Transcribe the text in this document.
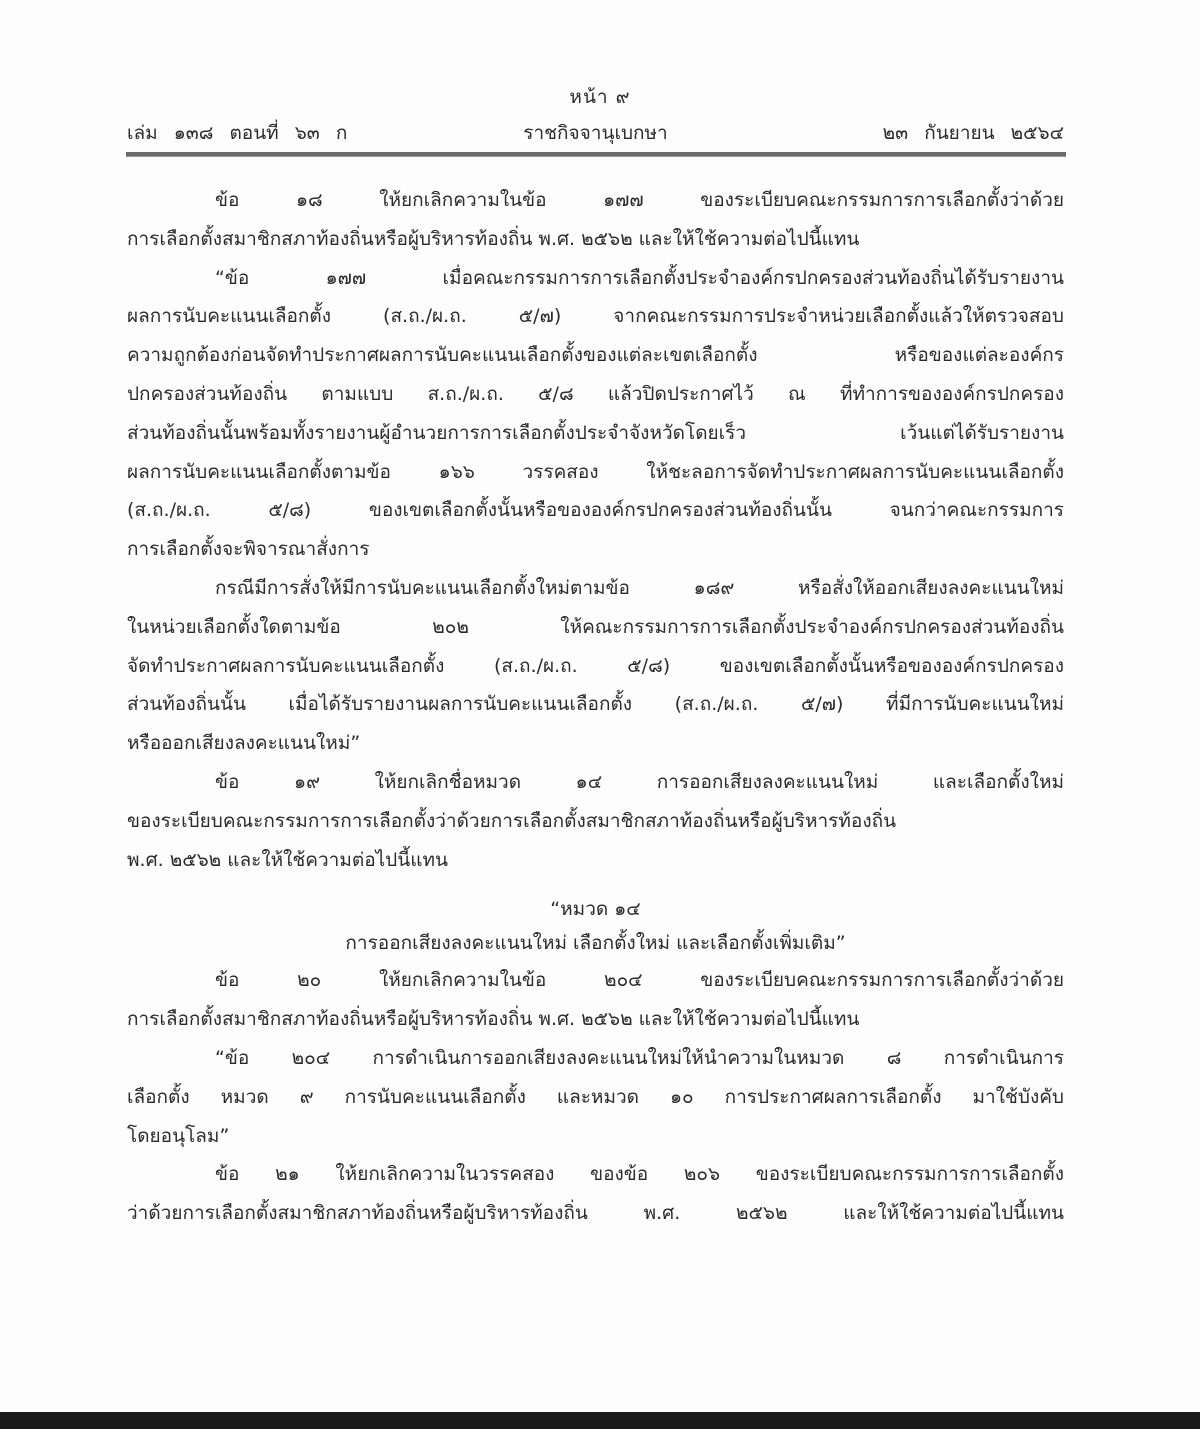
หน้า ๙
ราชกิจจานุเบกษา
เล่ม ๑๓๘ ตอนที่ ๖๓ ก	๒๓ กันยายน ๒๕๖๔
ข้อ ๑๘ ให้ยกเลิกความในข้อ ๑๗๗ ของระเบียบคณะกรรมการการเลือกตั้งว่าด้วย
การเลือกตั้งสมาชิกสภาท้องถิ่นหรือผู้บริหารท้องถิ่น พ.ศ. ๒๕๖๒ และให้ใช้ความต่อไปนี้แทน
“ข้อ ๑๗๗ เมื่อคณะกรรมการการเลือกตั้งประจำองค์กรปกครองส่วนท้องถิ่นได้รับรายงาน
ผลการนับคะแนนเลือกตั้ง (ส.ถ./ผ.ถ. ๕/๗) จากคณะกรรมการประจำหน่วยเลือกตั้งแล้วให้ตรวจสอบ
ความถูกต้องก่อนจัดทำประกาศผลการนับคะแนนเลือกตั้งของแต่ละเขตเลือกตั้ง หรือของแต่ละองค์กร
ปกครองส่วนท้องถิ่น ตามแบบ ส.ถ./ผ.ถ. ๕/๘ แล้วปิดประกาศไว้ ณ ที่ทำการขององค์กรปกครอง
ส่วนท้องถิ่นนั้นพร้อมทั้งรายงานผู้อำนวยการการเลือกตั้งประจำจังหวัดโดยเร็ว เว้นแต่ได้รับรายงาน
ผลการนับคะแนนเลือกตั้งตามข้อ ๑๖๖ วรรคสอง ให้ชะลอการจัดทำประกาศผลการนับคะแนนเลือกตั้ง
(ส.ถ./ผ.ถ. ๕/๘) ของเขตเลือกตั้งนั้นหรือขององค์กรปกครองส่วนท้องถิ่นนั้น จนกว่าคณะกรรมการ
การเลือกตั้งจะพิจารณาสั่งการ
กรณีมีการสั่งให้มีการนับคะแนนเลือกตั้งใหม่ตามข้อ ๑๘๙ หรือสั่งให้ออกเสียงลงคะแนนใหม่
ในหน่วยเลือกตั้งใดตามข้อ ๒๐๒ ให้คณะกรรมการการเลือกตั้งประจำองค์กรปกครองส่วนท้องถิ่น
จัดทำประกาศผลการนับคะแนนเลือกตั้ง (ส.ถ./ผ.ถ. ๕/๘) ของเขตเลือกตั้งนั้นหรือขององค์กรปกครอง
ส่วนท้องถิ่นนั้น เมื่อได้รับรายงานผลการนับคะแนนเลือกตั้ง (ส.ถ./ผ.ถ. ๕/๗) ที่มีการนับคะแนนใหม่
หรือออกเสียงลงคะแนนใหม่”
ข้อ ๑๙ ให้ยกเลิกชื่อหมวด ๑๔ การออกเสียงลงคะแนนใหม่ และเลือกตั้งใหม่
ของระเบียบคณะกรรมการการเลือกตั้งว่าด้วยการเลือกตั้งสมาชิกสภาท้องถิ่นหรือผู้บริหารท้องถิ่น
พ.ศ. ๒๕๖๒ และให้ใช้ความต่อไปนี้แทน
“หมวด ๑๔
การออกเสียงลงคะแนนใหม่ เลือกตั้งใหม่ และเลือกตั้งเพิ่มเติม”
ข้อ ๒๐ ให้ยกเลิกความในข้อ ๒๐๔ ของระเบียบคณะกรรมการการเลือกตั้งว่าด้วย
การเลือกตั้งสมาชิกสภาท้องถิ่นหรือผู้บริหารท้องถิ่น พ.ศ. ๒๕๖๒ และให้ใช้ความต่อไปนี้แทน
“ข้อ ๒๐๔ การดำเนินการออกเสียงลงคะแนนใหม่ให้นำความในหมวด ๘ การดำเนินการ
เลือกตั้ง หมวด ๙ การนับคะแนนเลือกตั้ง และหมวด ๑๐ การประกาศผลการเลือกตั้ง มาใช้บังคับ
โดยอนุโลม”
ข้อ ๒๑ ให้ยกเลิกความในวรรคสอง ของข้อ ๒๐๖ ของระเบียบคณะกรรมการการเลือกตั้ง
ว่าด้วยการเลือกตั้งสมาชิกสภาท้องถิ่นหรือผู้บริหารท้องถิ่น พ.ศ. ๒๕๖๒ และให้ใช้ความต่อไปนี้แทน
